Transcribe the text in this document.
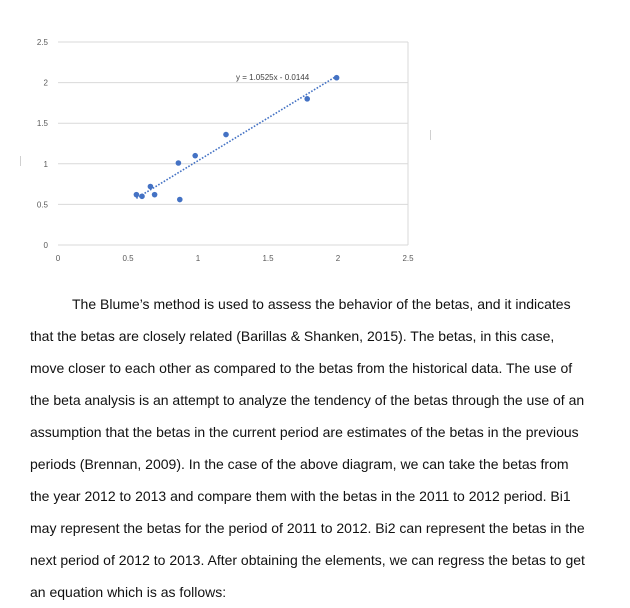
0
0.5
1
1.5
2
2.5
0	0.5	1	1.5	2	2.5
y = 1.0525x - 0.0144

The Blume’s method is used to assess the behavior of the betas, and it indicates that the betas are closely related (Barillas & Shanken, 2015). The betas, in this case, move closer to each other as compared to the betas from the historical data. The use of the beta analysis is an attempt to analyze the tendency of the betas through the use of an assumption that the betas in the current period are estimates of the betas in the previous periods (Brennan, 2009). In the case of the above diagram, we can take the betas from the year 2012 to 2013 and compare them with the betas in the 2011 to 2012 period. Bi1 may represent the betas for the period of 2011 to 2012. Bi2 can represent the betas in the next period of 2012 to 2013. After obtaining the elements, we can regress the betas to get an equation which is as follows:
